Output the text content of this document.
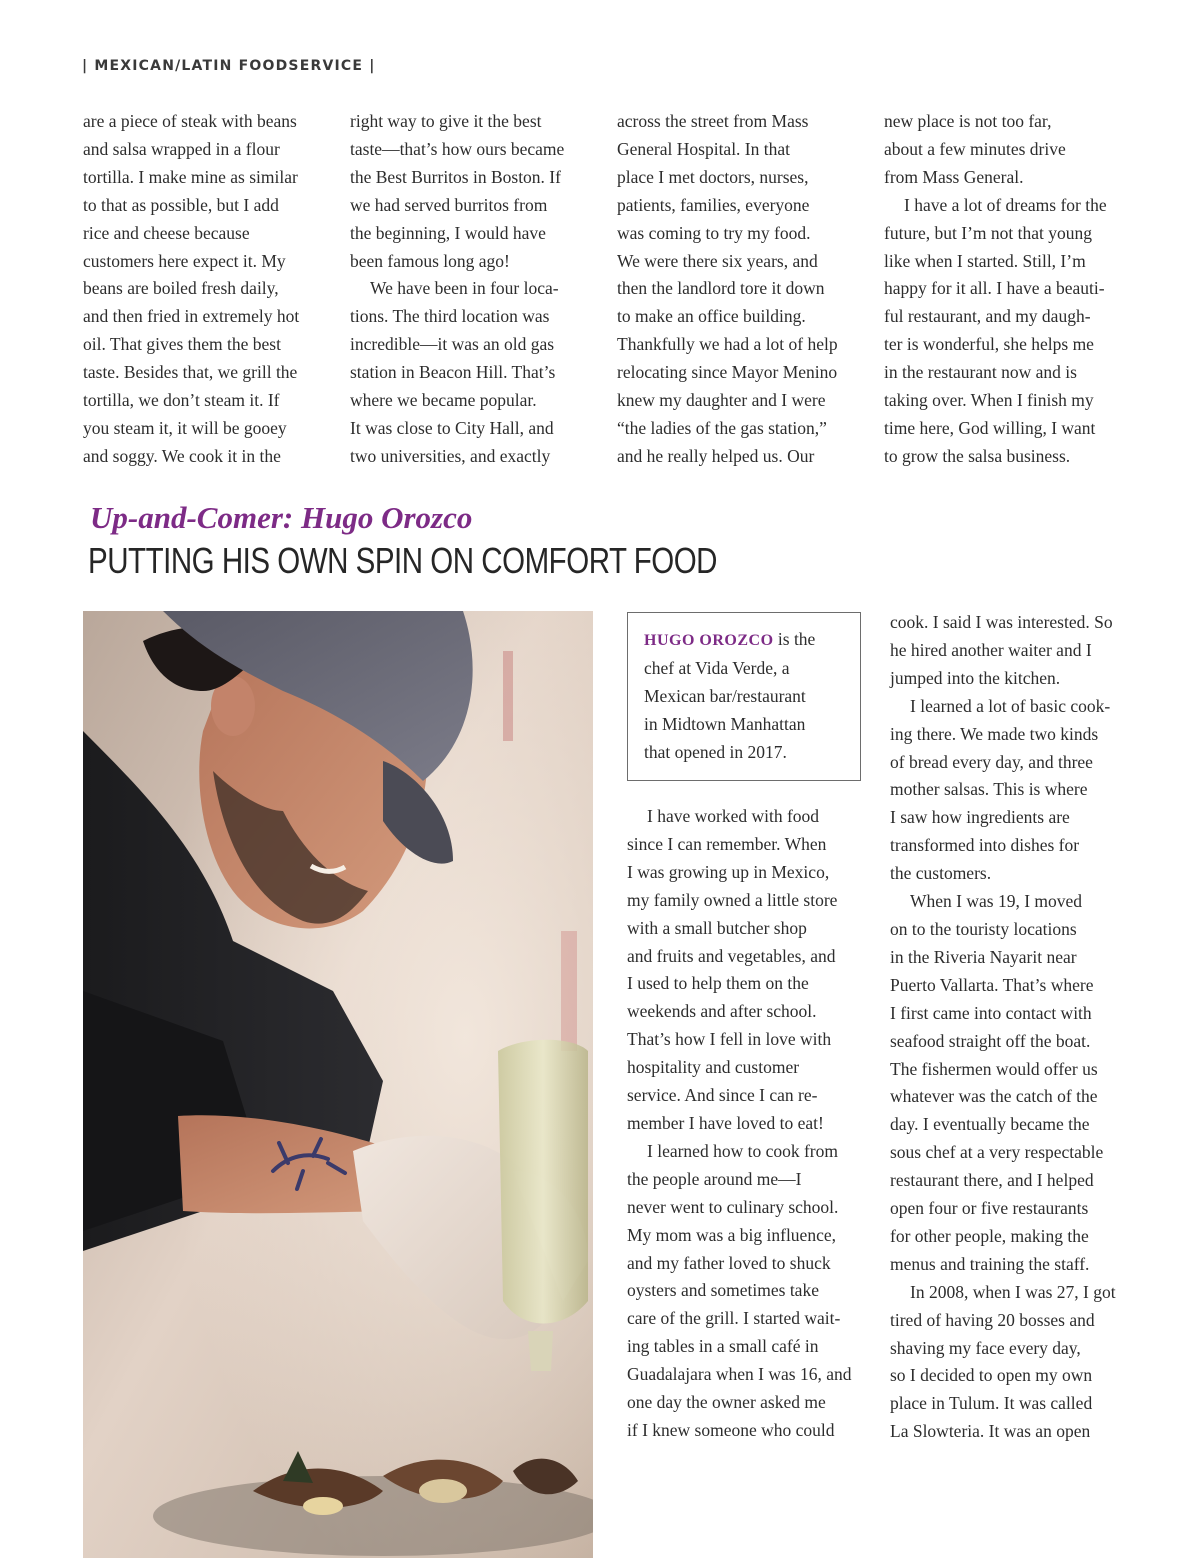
| MEXICAN/LATIN FOODSERVICE |
are a piece of steak with beans
and salsa wrapped in a flour
tortilla. I make mine as similar
to that as possible, but I add
rice and cheese because
customers here expect it. My
beans are boiled fresh daily,
and then fried in extremely hot
oil. That gives them the best
taste. Besides that, we grill the
tortilla, we don’t steam it. If
you steam it, it will be gooey
and soggy. We cook it in the
right way to give it the best
taste—that’s how ours became
the Best Burritos in Boston. If
we had served burritos from
the beginning, I would have
been famous long ago!
We have been in four loca-
tions. The third location was
incredible—it was an old gas
station in Beacon Hill. That’s
where we became popular.
It was close to City Hall, and
two universities, and exactly
across the street from Mass
General Hospital. In that
place I met doctors, nurses,
patients, families, everyone
was coming to try my food.
We were there six years, and
then the landlord tore it down
to make an office building.
Thankfully we had a lot of help
relocating since Mayor Menino
knew my daughter and I were
“the ladies of the gas station,”
and he really helped us. Our
new place is not too far,
about a few minutes drive
from Mass General.
I have a lot of dreams for the
future, but I’m not that young
like when I started. Still, I’m
happy for it all. I have a beauti-
ful restaurant, and my daugh-
ter is wonderful, she helps me
in the restaurant now and is
taking over. When I finish my
time here, God willing, I want
to grow the salsa business.
Up-and-Comer: Hugo Orozco
PUTTING HIS OWN SPIN ON COMFORT FOOD
HUGO OROZCO is the
chef at Vida Verde, a
Mexican bar/restaurant
in Midtown Manhattan
that opened in 2017.
I have worked with food
since I can remember. When
I was growing up in Mexico,
my family owned a little store
with a small butcher shop
and fruits and vegetables, and
I used to help them on the
weekends and after school.
That’s how I fell in love with
hospitality and customer
service. And since I can re-
member I have loved to eat!
I learned how to cook from
the people around me—I
never went to culinary school.
My mom was a big influence,
and my father loved to shuck
oysters and sometimes take
care of the grill. I started wait-
ing tables in a small café in
Guadalajara when I was 16, and
one day the owner asked me
if I knew someone who could
cook. I said I was interested. So
he hired another waiter and I
jumped into the kitchen.
I learned a lot of basic cook-
ing there. We made two kinds
of bread every day, and three
mother salsas. This is where
I saw how ingredients are
transformed into dishes for
the customers.
When I was 19, I moved
on to the touristy locations
in the Riveria Nayarit near
Puerto Vallarta. That’s where
I first came into contact with
seafood straight off the boat.
The fishermen would offer us
whatever was the catch of the
day. I eventually became the
sous chef at a very respectable
restaurant there, and I helped
open four or five restaurants
for other people, making the
menus and training the staff.
In 2008, when I was 27, I got
tired of having 20 bosses and
shaving my face every day,
so I decided to open my own
place in Tulum. It was called
La Slowteria. It was an open
